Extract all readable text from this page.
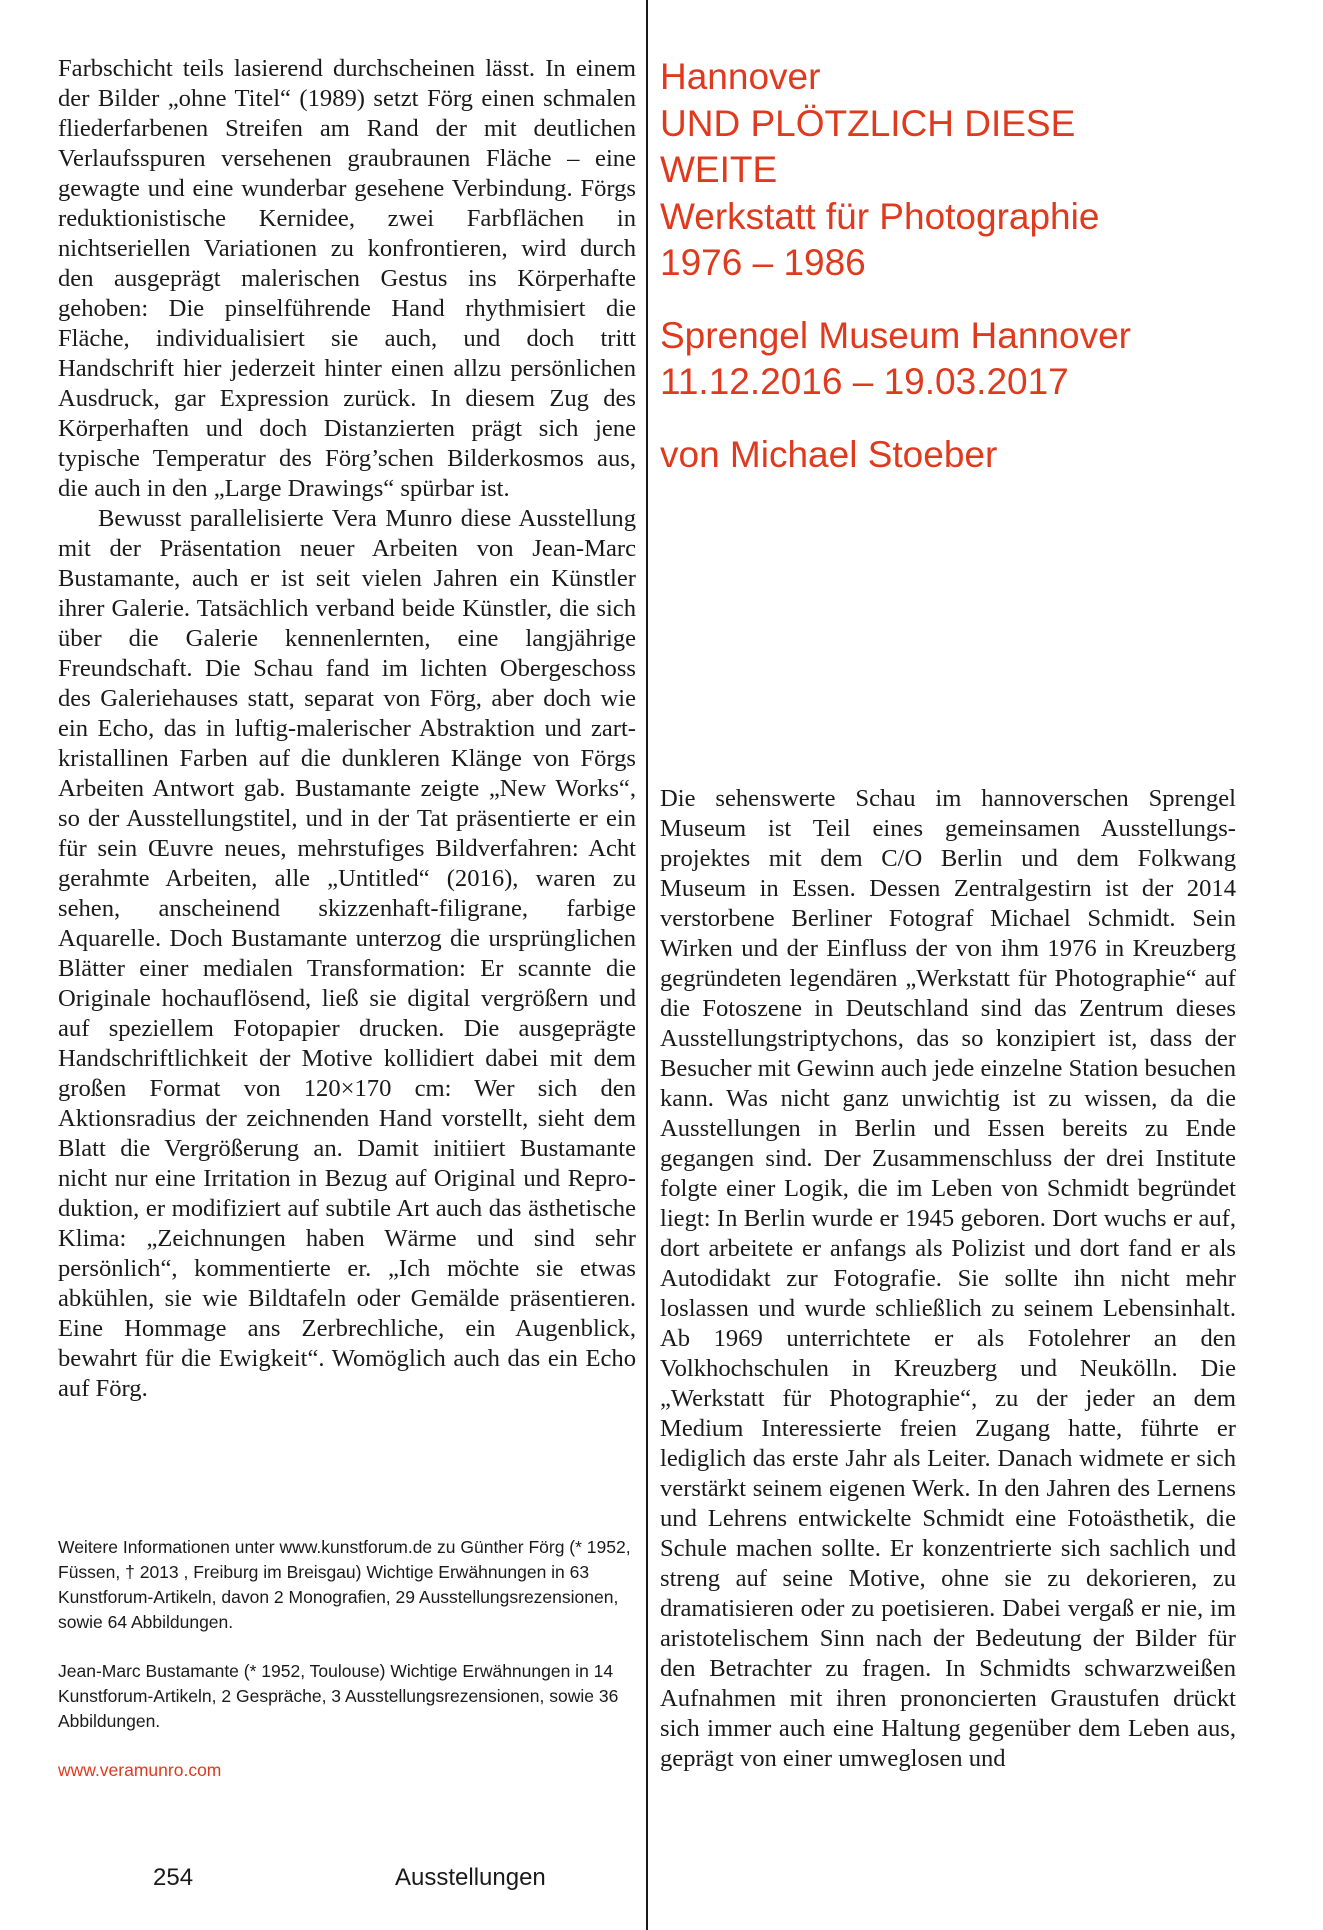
Farbschicht teils lasierend durchscheinen lässt. In einem der Bilder „ohne Titel“ (1989) setzt Förg einen schmalen fliederfarbenen Streifen am Rand der mit deutlichen Verlaufsspuren versehenen graubraunen Fläche – eine gewagte und eine wunderbar gesehene Verbindung. Förgs reduktionistische Kernidee, zwei Farbflächen in nichtseriellen Variationen zu konfrontieren, wird durch den ausgeprägt malerischen Gestus ins Körperhafte gehoben: Die pinselführende Hand rhythmisiert die Fläche, individualisiert sie auch, und doch tritt Handschrift hier jederzeit hinter einen allzu persönlichen Ausdruck, gar Expression zurück. In diesem Zug des Körperhaften und doch Distanzierten prägt sich jene typische Temperatur des Förg’schen Bilderkosmos aus, die auch in den „Large Drawings“ spürbar ist.

Bewusst parallelisierte Vera Munro diese Ausstellung mit der Präsentation neuer Arbeiten von Jean-Marc Bustamante, auch er ist seit vielen Jahren ein Künstler ihrer Galerie. Tatsächlich verband beide Künstler, die sich über die Galerie kennenlernten, eine langjährige Freundschaft. Die Schau fand im lichten Obergeschoss des Galeriehauses statt, separat von Förg, aber doch wie ein Echo, das in luftig-malerischer Abstraktion und zart-kristallinen Farben auf die dunkleren Klänge von Förgs Arbeiten Antwort gab. Bustamante zeigte „New Works“, so der Ausstellungstitel, und in der Tat präsentierte er ein für sein Œuvre neues, mehrstufiges Bildverfahren: Acht gerahmte Arbeiten, alle „Untitled“ (2016), waren zu sehen, anscheinend skizzenhaft-filigrane, farbige Aquarelle. Doch Bustamante unterzog die ursprünglichen Blätter einer medialen Transformation: Er scannte die Originale hochauflösend, ließ sie digital vergrößern und auf speziellem Fotopapier drucken. Die ausgeprägte Handschriftlichkeit der Motive kollidiert dabei mit dem großen Format von 120×170 cm: Wer sich den Aktionsradius der zeichnenden Hand vorstellt, sieht dem Blatt die Vergrößerung an. Damit initiiert Bustamante nicht nur eine Irritation in Bezug auf Original und Reproduktion, er modifiziert auf subtile Art auch das ästhetische Klima: „Zeichnungen haben Wärme und sind sehr persönlich“, kommentierte er. „Ich möchte sie etwas abkühlen, sie wie Bildtafeln oder Gemälde präsentieren. Eine Hommage ans Zerbrechliche, ein Augenblick, bewahrt für die Ewigkeit“. Womöglich auch das ein Echo auf Förg.

Weitere Informationen unter www.kunstforum.de zu Günther Förg (* 1952, Füssen, † 2013 , Freiburg im Breisgau) Wichtige Erwähnungen in 63 Kunstforum-Artikeln, davon 2 Monografien, 29 Ausstellungsrezensionen, sowie 64 Abbildungen.

Jean-Marc Bustamante (* 1952, Toulouse) Wichtige Erwähnungen in 14 Kunstforum-Artikeln, 2 Gespräche, 3 Ausstellungsrezensionen, sowie 36 Abbildungen.

www.veramunro.com

Hannover
UND PLÖTZLICH DIESE
WEITE
Werkstatt für Photographie
1976 – 1986
Sprengel Museum Hannover
11.12.2016 – 19.03.2017
von Michael Stoeber

Die sehenswerte Schau im hannoverschen Sprengel Museum ist Teil eines gemeinsamen Ausstellungsprojektes mit dem C/O Berlin und dem Folkwang Museum in Essen. Dessen Zentralgestirn ist der 2014 verstorbene Berliner Fotograf Michael Schmidt. Sein Wirken und der Einfluss der von ihm 1976 in Kreuzberg gegründeten legendären „Werkstatt für Photographie“ auf die Fotoszene in Deutschland sind das Zentrum dieses Ausstellungstriptychons, das so konzipiert ist, dass der Besucher mit Gewinn auch jede einzelne Station besuchen kann. Was nicht ganz unwichtig ist zu wissen, da die Ausstellungen in Berlin und Essen bereits zu Ende gegangen sind. Der Zusammenschluss der drei Institute folgte einer Logik, die im Leben von Schmidt begründet liegt: In Berlin wurde er 1945 geboren. Dort wuchs er auf, dort arbeitete er anfangs als Polizist und dort fand er als Autodidakt zur Fotografie. Sie sollte ihn nicht mehr loslassen und wurde schließlich zu seinem Lebensinhalt. Ab 1969 unterrichtete er als Fotolehrer an den Volkhochschulen in Kreuzberg und Neukölln. Die „Werkstatt für Photographie“, zu der jeder an dem Medium Interessierte freien Zugang hatte, führte er lediglich das erste Jahr als Leiter. Danach widmete er sich verstärkt seinem eigenen Werk. In den Jahren des Lernens und Lehrens entwickelte Schmidt eine Fotoästhetik, die Schule machen sollte. Er konzentrierte sich sachlich und streng auf seine Motive, ohne sie zu dekorieren, zu dramatisieren oder zu poetisieren. Dabei vergaß er nie, im aristotelischem Sinn nach der Bedeutung der Bilder für den Betrachter zu fragen. In Schmidts schwarzweißen Aufnahmen mit ihren prononcierten Graustufen drückt sich immer auch eine Haltung gegenüber dem Leben aus, geprägt von einer umweglosen und

254	Ausstellungen
